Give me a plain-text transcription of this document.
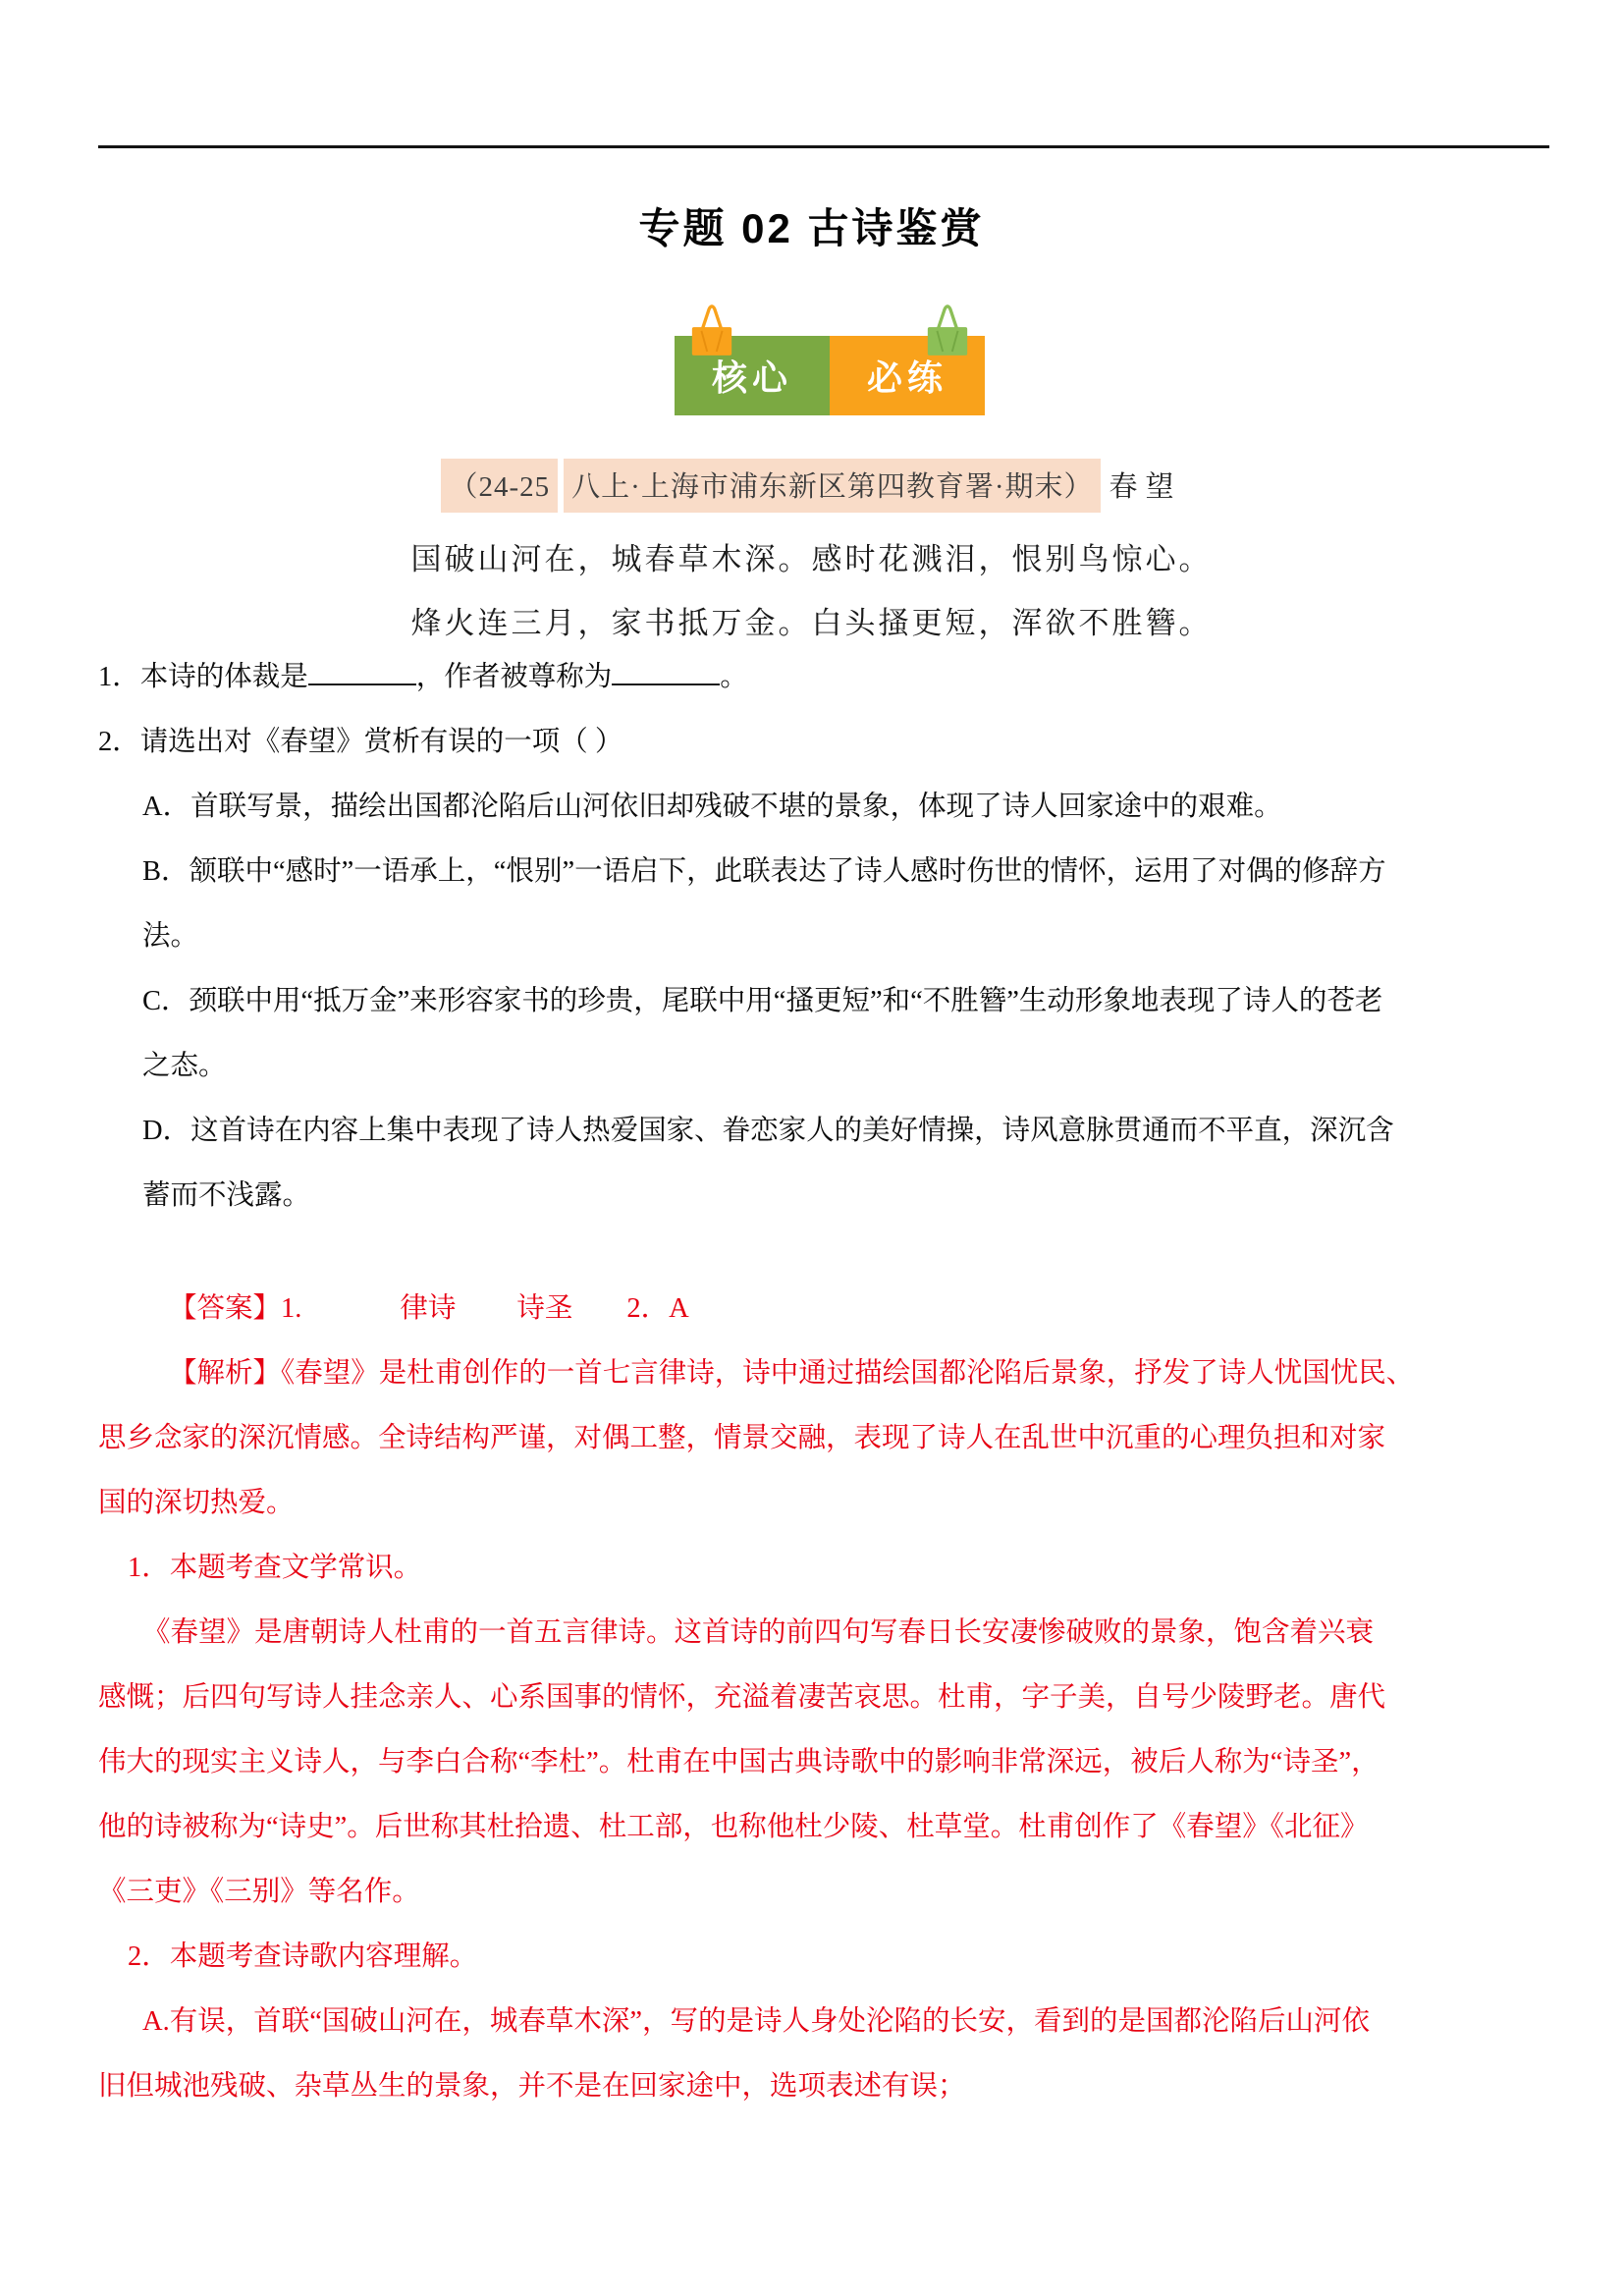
专题 02 古诗鉴赏
核心	必练
（24-25 八上·上海市浦东新区第四教育署·期末） 春望
国破山河在，城春草木深。感时花溅泪，恨别鸟惊心。
烽火连三月，家书抵万金。白头搔更短，浑欲不胜簪。
1．本诗的体裁是	，作者被尊称为	。
2．请选出对《春望》赏析有误的一项（ ）
A．首联写景，描绘出国都沦陷后山河依旧却残破不堪的景象，体现了诗人回家途中的艰难。
B．颔联中“感时”一语承上，“恨别”一语启下，此联表达了诗人感时伤世的情怀，运用了对偶的修辞方
法。
C．颈联中用“抵万金”来形容家书的珍贵，尾联中用“搔更短”和“不胜簪”生动形象地表现了诗人的苍老
之态。
D．这首诗在内容上集中表现了诗人热爱国家、眷恋家人的美好情操，诗风意脉贯通而不平直，深沉含
蓄而不浅露。
【答案】 1.	律诗 诗圣 2．A
【解析】《春望》是杜甫创作的一首七言律诗，诗中通过描绘国都沦陷后景象，抒发了诗人忧国忧民、
思乡念家的深沉情感。全诗结构严谨，对偶工整，情景交融，表现了诗人在乱世中沉重的心理负担和对家
国的深切热爱。
1．本题考查文学常识。
《春望》是唐朝诗人杜甫的一首五言律诗。这首诗的前四句写春日长安凄惨破败的景象，饱含着兴衰
感慨；后四句写诗人挂念亲人、心系国事的情怀，充溢着凄苦哀思。杜甫，字子美，自号少陵野老。唐代
伟大的现实主义诗人，与李白合称“李杜”。杜甫在中国古典诗歌中的影响非常深远，被后人称为“诗圣”，
他的诗被称为“诗史”。后世称其杜拾遗、杜工部，也称他杜少陵、杜草堂。杜甫创作了《春望》《北征》
《三吏》《三别》等名作。
2．本题考查诗歌内容理解。
A.有误，首联“国破山河在，城春草木深”，写的是诗人身处沦陷的长安，看到的是国都沦陷后山河依
旧但城池残破、杂草丛生的景象，并不是在回家途中，选项表述有误；
